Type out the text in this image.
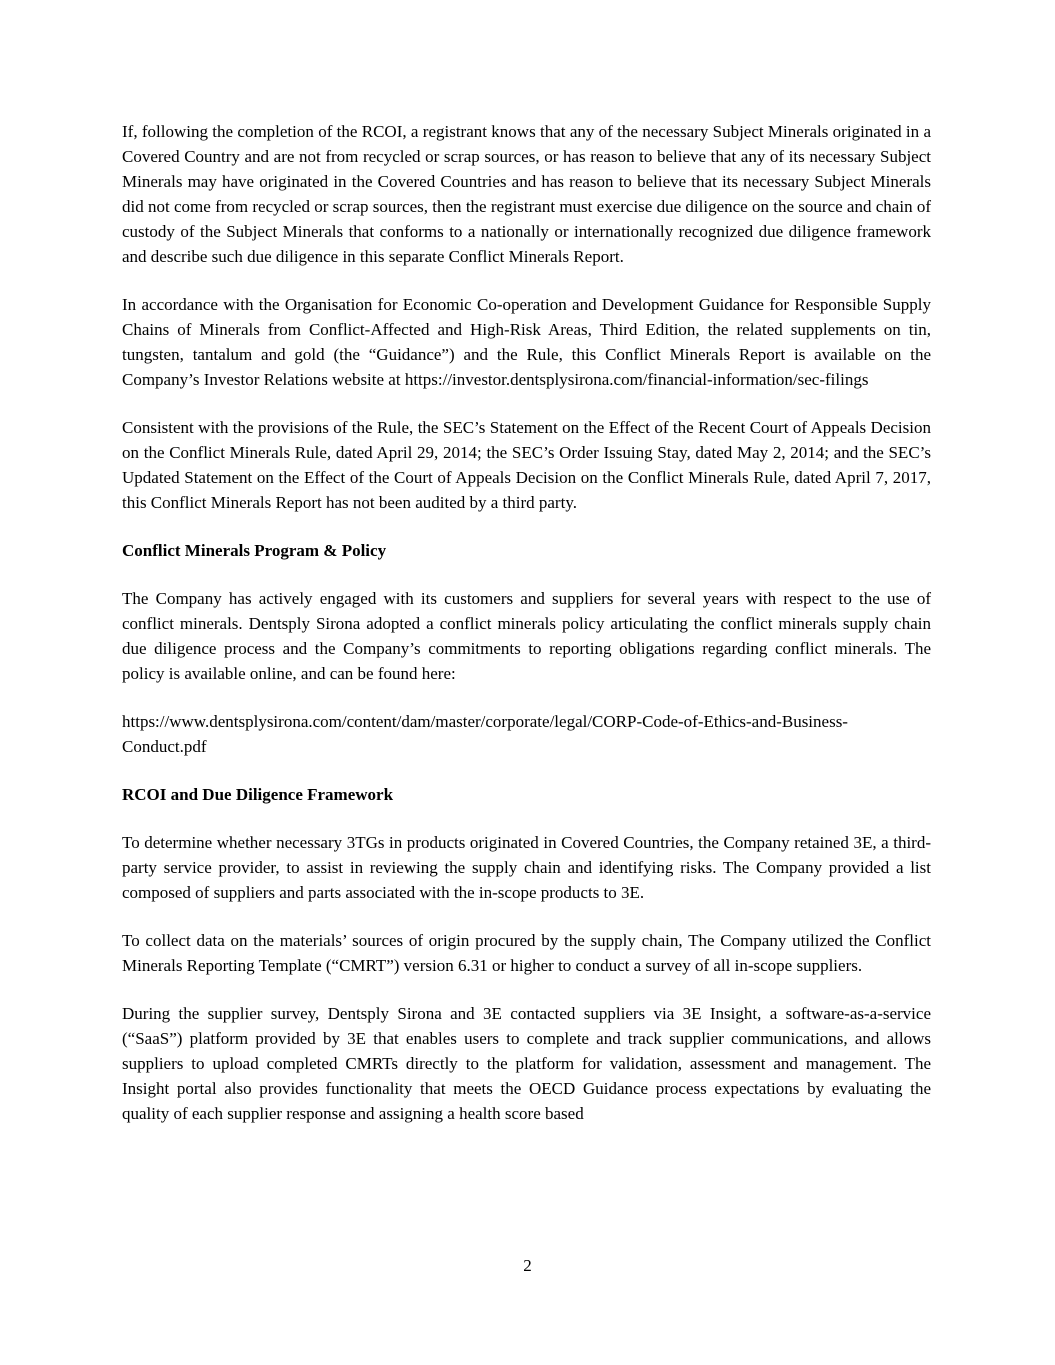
If, following the completion of the RCOI, a registrant knows that any of the necessary Subject Minerals originated in a Covered Country and are not from recycled or scrap sources, or has reason to believe that any of its necessary Subject Minerals may have originated in the Covered Countries and has reason to believe that its necessary Subject Minerals did not come from recycled or scrap sources, then the registrant must exercise due diligence on the source and chain of custody of the Subject Minerals that conforms to a nationally or internationally recognized due diligence framework and describe such due diligence in this separate Conflict Minerals Report.

In accordance with the Organisation for Economic Co-operation and Development Guidance for Responsible Supply Chains of Minerals from Conflict-Affected and High-Risk Areas, Third Edition, the related supplements on tin, tungsten, tantalum and gold (the “Guidance”) and the Rule, this Conflict Minerals Report is available on the Company’s Investor Relations website at https://investor.dentsplysirona.com/financial-information/sec-filings

Consistent with the provisions of the Rule, the SEC’s Statement on the Effect of the Recent Court of Appeals Decision on the Conflict Minerals Rule, dated April 29, 2014; the SEC’s Order Issuing Stay, dated May 2, 2014; and the SEC’s Updated Statement on the Effect of the Court of Appeals Decision on the Conflict Minerals Rule, dated April 7, 2017, this Conflict Minerals Report has not been audited by a third party.

Conflict Minerals Program & Policy

The Company has actively engaged with its customers and suppliers for several years with respect to the use of conflict minerals. Dentsply Sirona adopted a conflict minerals policy articulating the conflict minerals supply chain due diligence process and the Company’s commitments to reporting obligations regarding conflict minerals. The policy is available online, and can be found here:

https://www.dentsplysirona.com/content/dam/master/corporate/legal/CORP-Code-of-Ethics-and-Business-Conduct.pdf

RCOI and Due Diligence Framework

To determine whether necessary 3TGs in products originated in Covered Countries, the Company retained 3E, a third-party service provider, to assist in reviewing the supply chain and identifying risks. The Company provided a list composed of suppliers and parts associated with the in-scope products to 3E.

To collect data on the materials’ sources of origin procured by the supply chain, The Company utilized the Conflict Minerals Reporting Template (“CMRT”) version 6.31 or higher to conduct a survey of all in-scope suppliers.

During the supplier survey, Dentsply Sirona and 3E contacted suppliers via 3E Insight, a software-as-a-service (“SaaS”) platform provided by 3E that enables users to complete and track supplier communications, and allows suppliers to upload completed CMRTs directly to the platform for validation, assessment and management. The Insight portal also provides functionality that meets the OECD Guidance process expectations by evaluating the quality of each supplier response and assigning a health score based

2
